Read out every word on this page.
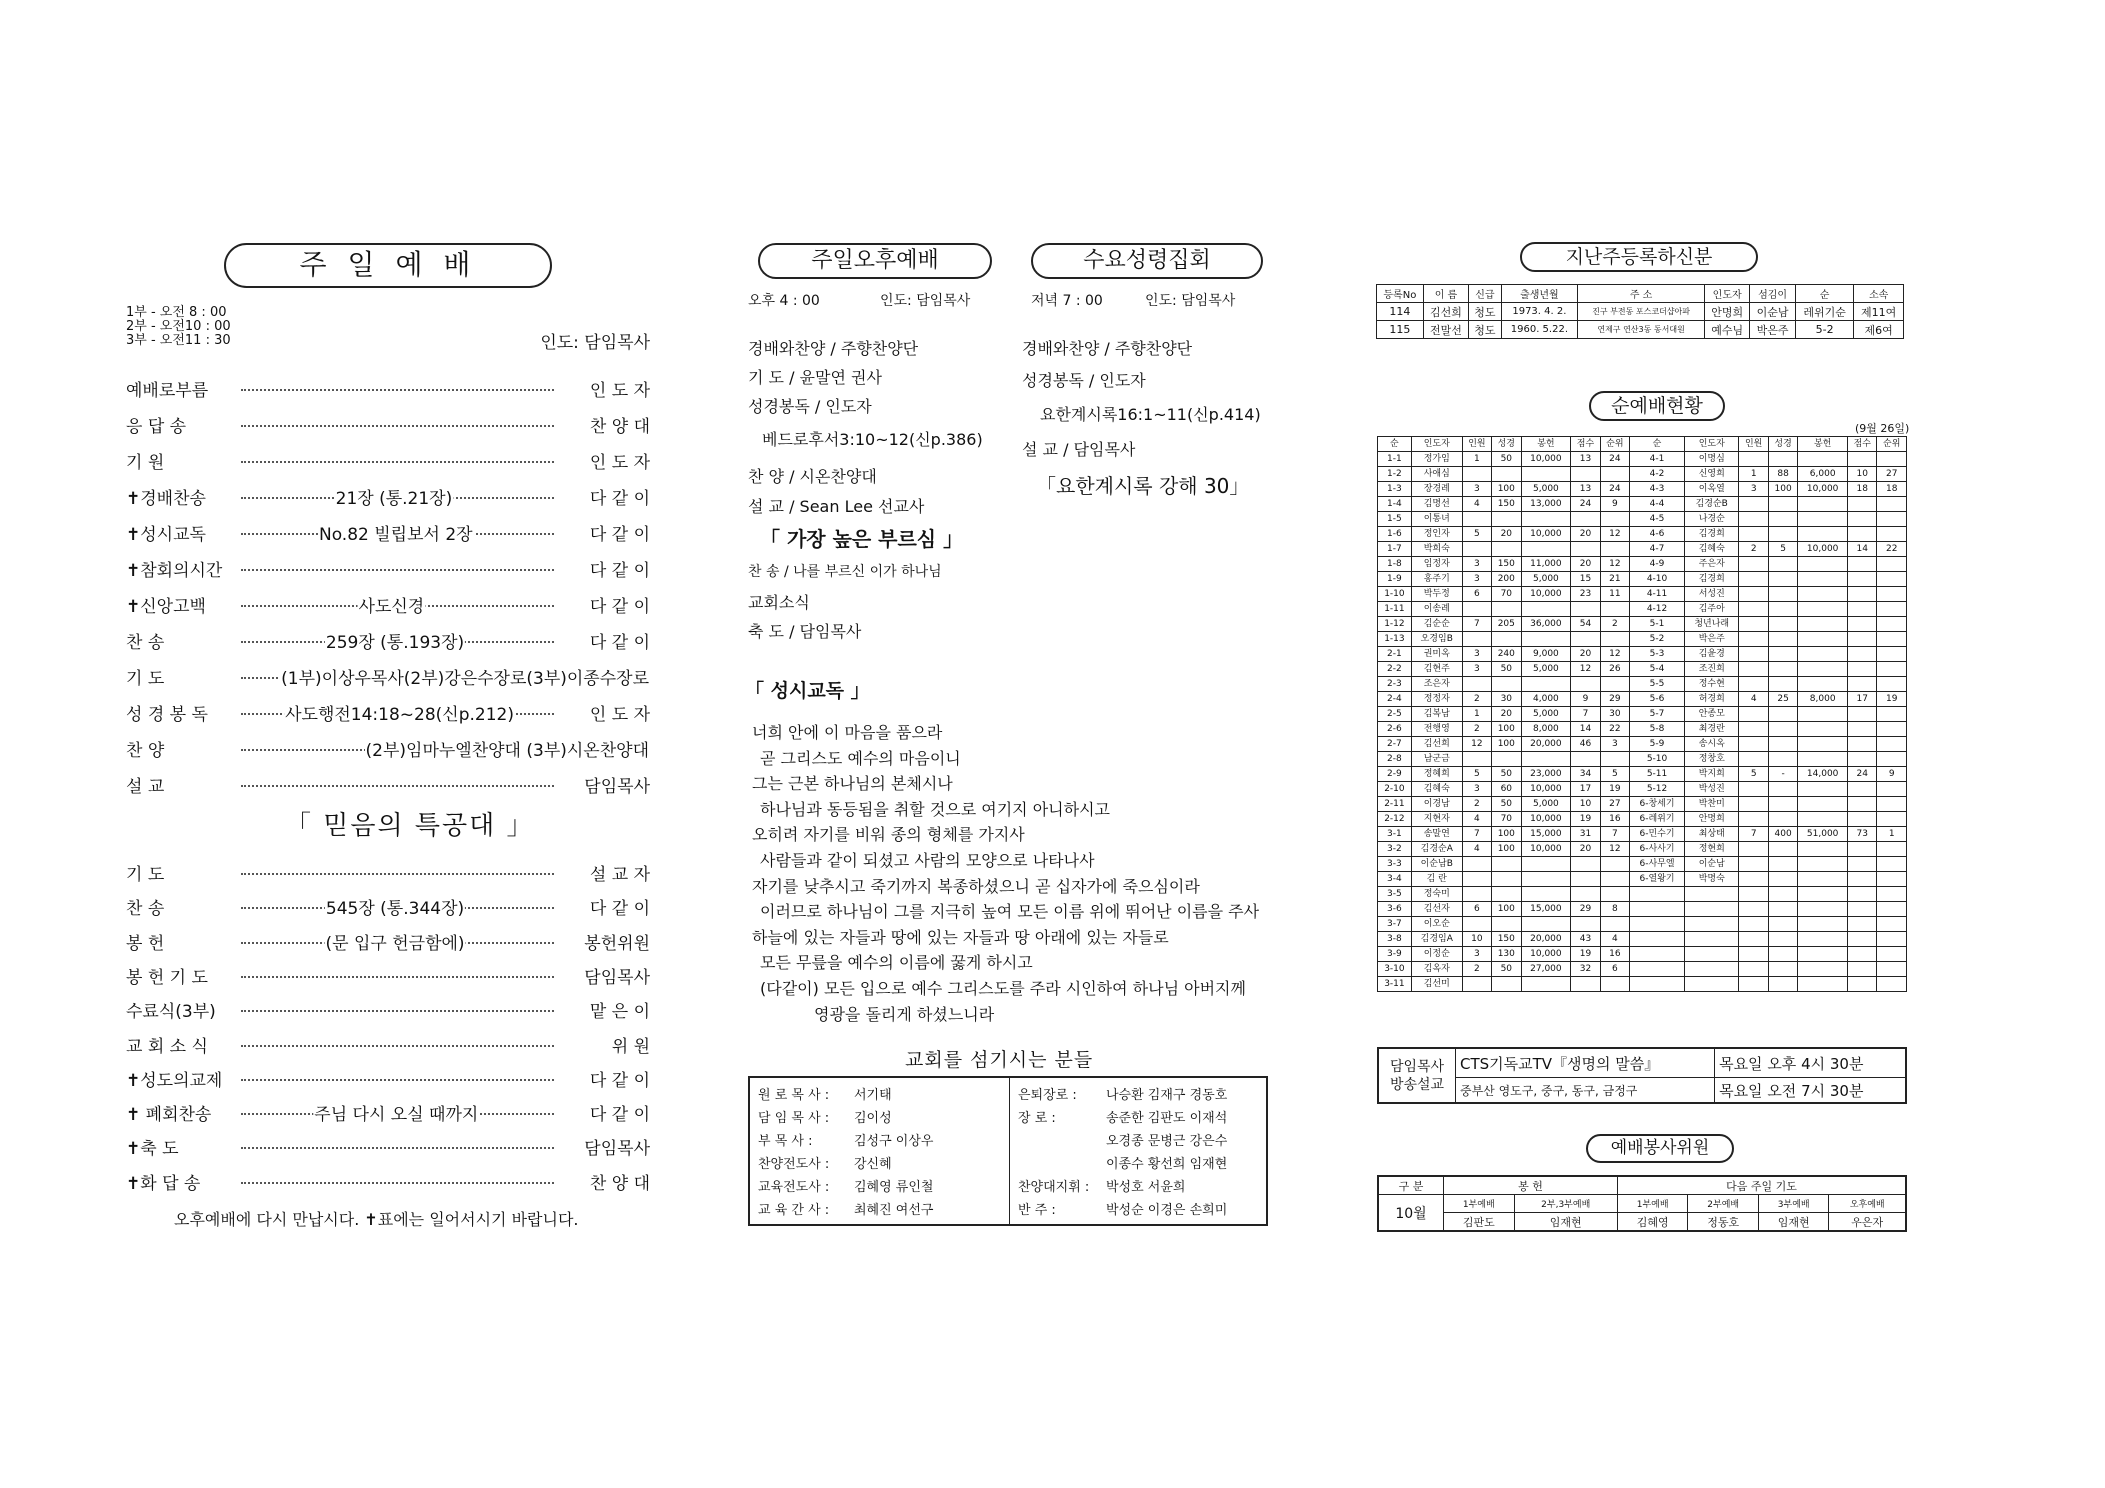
주 일 예 배
1부 - 오전 8 : 00
2부 - 오전10 : 00
3부 - 오전11 : 30	인도: 담임목사
예배로부름	인 도 자
응 답 송	찬 양 대
기 원	인 도 자
✝경배찬송	21장 (통.21장)	다 같 이
✝성시교독	No.82 빌립보서 2장	다 같 이
✝참회의시간	다 같 이
✝신앙고백	사도신경	다 같 이
찬 송	259장 (통.193장)	다 같 이
기 도	(1부)이상우목사(2부)강은수장로(3부)이종수장로
성 경 봉 독	사도행전14:18~28(신p.212)	인 도 자
찬 양	(2부)임마누엘찬양대 (3부)시온찬양대
설 교	담임목사
기 도	설 교 자
찬 송	545장 (통.344장)	다 같 이
봉 헌	(문 입구 헌금함에)	봉헌위원
봉 헌 기 도	담임목사
수료식(3부)	맡 은 이
교 회 소 식	위 원
✝성도의교제	다 같 이
✝ 폐회찬송	주님 다시 오실 때까지	다 같 이
✝축 도	담임목사
✝화 답 송	찬 양 대
「 믿음의 특공대 」
오후예배에 다시 만납시다. ✝표에는 일어서시기 바랍니다.
주일오후예배	수요성령집회
오후 4 : 00	인도: 담임목사	저녁 7 : 00	인도: 담임목사
경배와찬양 / 주향찬양단
기 도 / 윤말연 권사
성경봉독 / 인도자
베드로후서3:10~12(신p.386)
찬 양 / 시온찬양대
설 교 / Sean Lee 선교사
「 가장 높은 부르심 」
찬 송 / 나를 부르신 이가 하나님
교회소식
축 도 / 담임목사
경배와찬양 / 주향찬양단
성경봉독 / 인도자
요한계시록16:1~11(신p.414)
설 교 / 담임목사
「요한계시록 강해 30」
「 성시교독 」
너희 안에 이 마음을 품으라
곧 그리스도 예수의 마음이니
그는 근본 하나님의 본체시나
하나님과 동등됨을 취할 것으로 여기지 아니하시고
오히려 자기를 비워 종의 형체를 가지사
사람들과 같이 되셨고 사람의 모양으로 나타나사
자기를 낮추시고 죽기까지 복종하셨으니 곧 십자가에 죽으심이라
이러므로 하나님이 그를 지극히 높여 모든 이름 위에 뛰어난 이름을 주사
하늘에 있는 자들과 땅에 있는 자들과 땅 아래에 있는 자들로
모든 무릎을 예수의 이름에 꿇게 하시고
(다같이) 모든 입으로 예수 그리스도를 주라 시인하여 하나님 아버지께
영광을 돌리게 하셨느니라
교회를 섬기시는 분들
원 로 목 사 : 서기태
담 임 목 사 : 김이성
부 목 사 :	김성구 이상우
찬양전도사 : 강신혜
교육전도사 : 김혜영 류인철
교 육 간 사 : 최혜진 여선구
은퇴장로 : 나승환 김재구 경동호
장 로 :	송준한 김판도 이재석
오경종 문병근 강은수
이종수 황선희 임재현
찬양대지휘 : 박성호 서윤희
반 주 :	박성순 이경은 손희미
지난주등록하신분
등록No	이 름	신급	출생년월	주 소	인도자	섬김이	순	소속
114	김선희	청도	1973. 4. 2.	진구 부전동 포스코더샵아파	안명희	이순남	레위기순	제11여
115	전말선	청도	1960. 5.22.	연제구 연산3동 동서대원	예수님	박은주	5-2	제6여
순예배현황
(9월 26일)
순	인도자	인원	성경	봉헌	점수	순위	순	인도자	인원	성경	봉헌	점수	순위
1-1	정가임	1	50	10,000	13	24	4-1	이명심					
1-2	사애심						4-2	신영희	1	88	6,000	10	27
1-3	장경례	3	100	5,000	13	24	4-3	이옥열	3	100	10,000	18	18
1-4	김명선	4	150	13,000	24	9	4-4	김경순B					
1-5	이통녀						4-5	나경순					
1-6	정인자	5	20	10,000	20	12	4-6	김경희					
1-7	박희숙						4-7	김혜숙	2	5	10,000	14	22
1-8	임정자	3	150	11,000	20	12	4-9	주은자					
1-9	홍주기	3	200	5,000	15	21	4-10	김경희					
1-10	박두정	6	70	10,000	23	11	4-11	서성진					
1-11	이송례						4-12	김주아					
1-12	김순순	7	205	36,000	54	2	5-1	청년나래					
1-13	오경임B						5-2	박은주					
2-1	권미옥	3	240	9,000	20	12	5-3	김윤경					
2-2	김현주	3	50	5,000	12	26	5-4	조진희					
2-3	조은자						5-5	정수현					
2-4	정정자	2	30	4,000	9	29	5-6	허경희	4	25	8,000	17	19
2-5	김복남	1	20	5,000	7	30	5-7	안종모					
2-6	전행영	2	100	8,000	14	22	5-8	최경란					
2-7	김선희	12	100	20,000	46	3	5-9	송시옥					
2-8	남군금						5-10	정창호					
2-9	정혜희	5	50	23,000	34	5	5-11	박지희	5	-	14,000	24	9
2-10	김혜숙	3	60	10,000	17	19	5-12	박성진					
2-11	이경남	2	50	5,000	10	27	6-창세기	박찬미					
2-12	지현자	4	70	10,000	19	16	6-레위기	안명희					
3-1	송말연	7	100	15,000	31	7	6-민수기	최상태	7	400	51,000	73	1
3-2	김경순A	4	100	10,000	20	12	6-사사기	정현희					
3-3	이순남B						6-사무엘	이순남					
3-4	김 란						6-열왕기	박명숙					
3-5	정숙미												
3-6	김선자	6	100	15,000	29	8							
3-7	이오순												
3-8	김경임A	10	150	20,000	43	4							
3-9	이정순	3	130	10,000	19	16							
3-10	김옥자	2	50	27,000	32	6							
3-11	김선미												
담임목사
방송설교	CTS기독교TV『생명의 말씀』	목요일 오후 4시 30분
	중부산 영도구, 중구, 동구, 금정구	목요일 오전 7시 30분
예배봉사위원
구 분	봉 헌		다음 주일 기도			
10월	1부예배	2부,3부예배	1부예배	2부예배	3부예배	오후예배
	김판도	임재현	김혜영	정동호	임재현	우은자
